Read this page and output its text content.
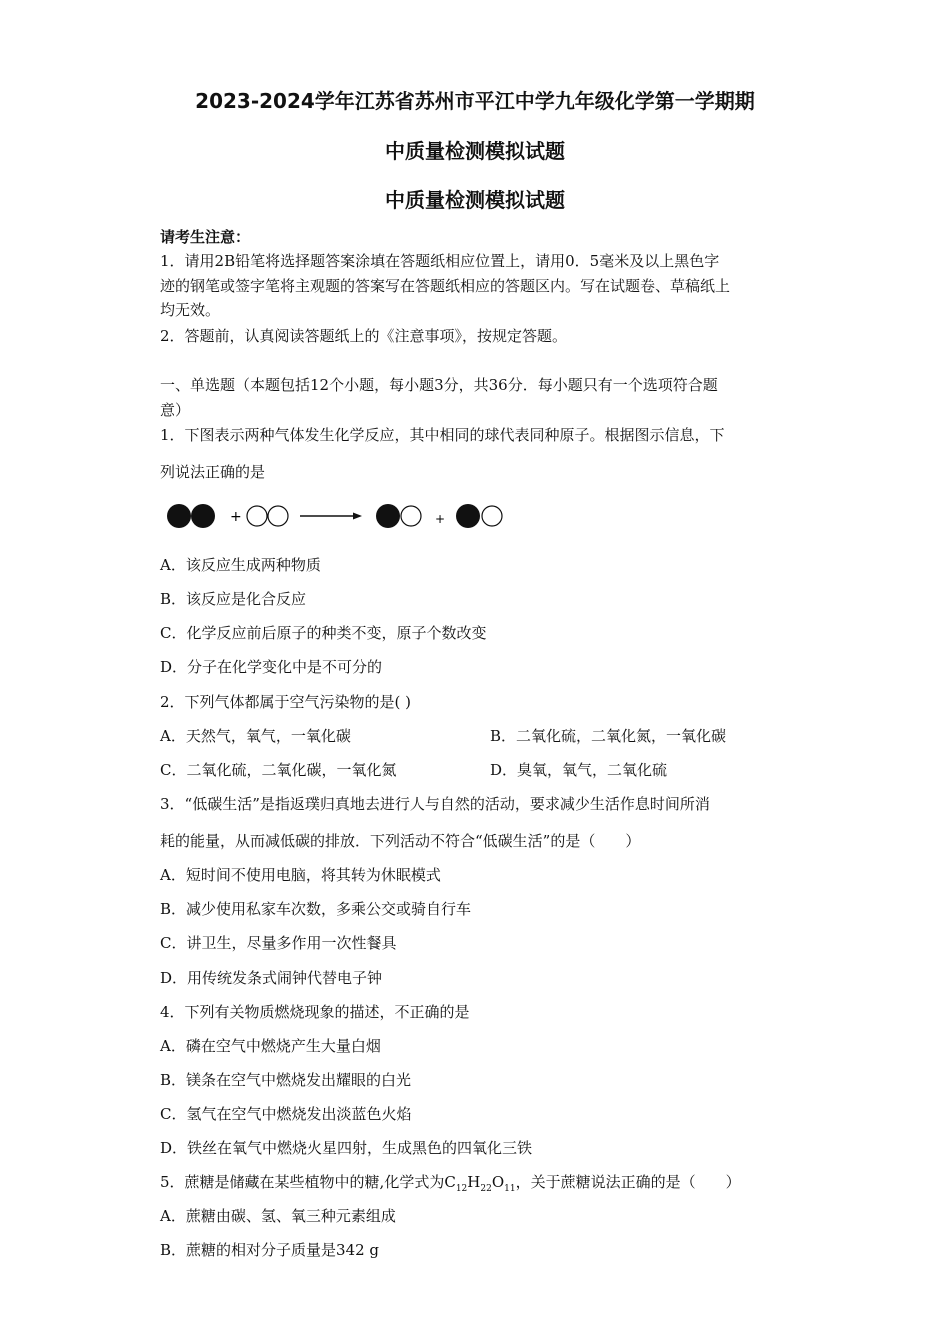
2023-2024学年江苏省苏州市平江中学九年级化学第一学期期
中质量检测模拟试题
中质量检测模拟试题
请考生注意：
1．请用2B铅笔将选择题答案涂填在答题纸相应位置上，请用0．5毫米及以上黑色字
迹的钢笔或签字笔将主观题的答案写在答题纸相应的答题区内。写在试题卷、草稿纸上
均无效。
2．答题前，认真阅读答题纸上的《注意事项》，按规定答题。
一、单选题（本题包括12个小题，每小题3分，共36分．每小题只有一个选项符合题
意）
1．下图表示两种气体发生化学反应，其中相同的球代表同种原子。根据图示信息，下
列说法正确的是
+	+
A．该反应生成两种物质
B．该反应是化合反应
C．化学反应前后原子的种类不变，原子个数改变
D．分子在化学变化中是不可分的
2．下列气体都属于空气污染物的是( )
A．天然气，氧气，一氧化碳	B．二氧化硫，二氧化氮，一氧化碳
C．二氧化硫，二氧化碳，一氧化氮	D．臭氧，氧气，二氧化硫
3．“低碳生活”是指返璞归真地去进行人与自然的活动，要求减少生活作息时间所消
耗的能量，从而减低碳的排放．下列活动不符合“低碳生活”的是（　　）
A．短时间不使用电脑，将其转为休眠模式
B．减少使用私家车次数，多乘公交或骑自行车
C．讲卫生，尽量多作用一次性餐具
D．用传统发条式闹钟代替电子钟
4．下列有关物质燃烧现象的描述，不正确的是
A．磷在空气中燃烧产生大量白烟
B．镁条在空气中燃烧发出耀眼的白光
C．氢气在空气中燃烧发出淡蓝色火焰
D．铁丝在氧气中燃烧火星四射，生成黑色的四氧化三铁
5．蔗糖是储藏在某些植物中的糖,化学式为$C_{12}H_{22}O_{11}$，关于蔗糖说法正确的是（　　）
A．蔗糖由碳、氢、氧三种元素组成
B．蔗糖的相对分子质量是342 g
